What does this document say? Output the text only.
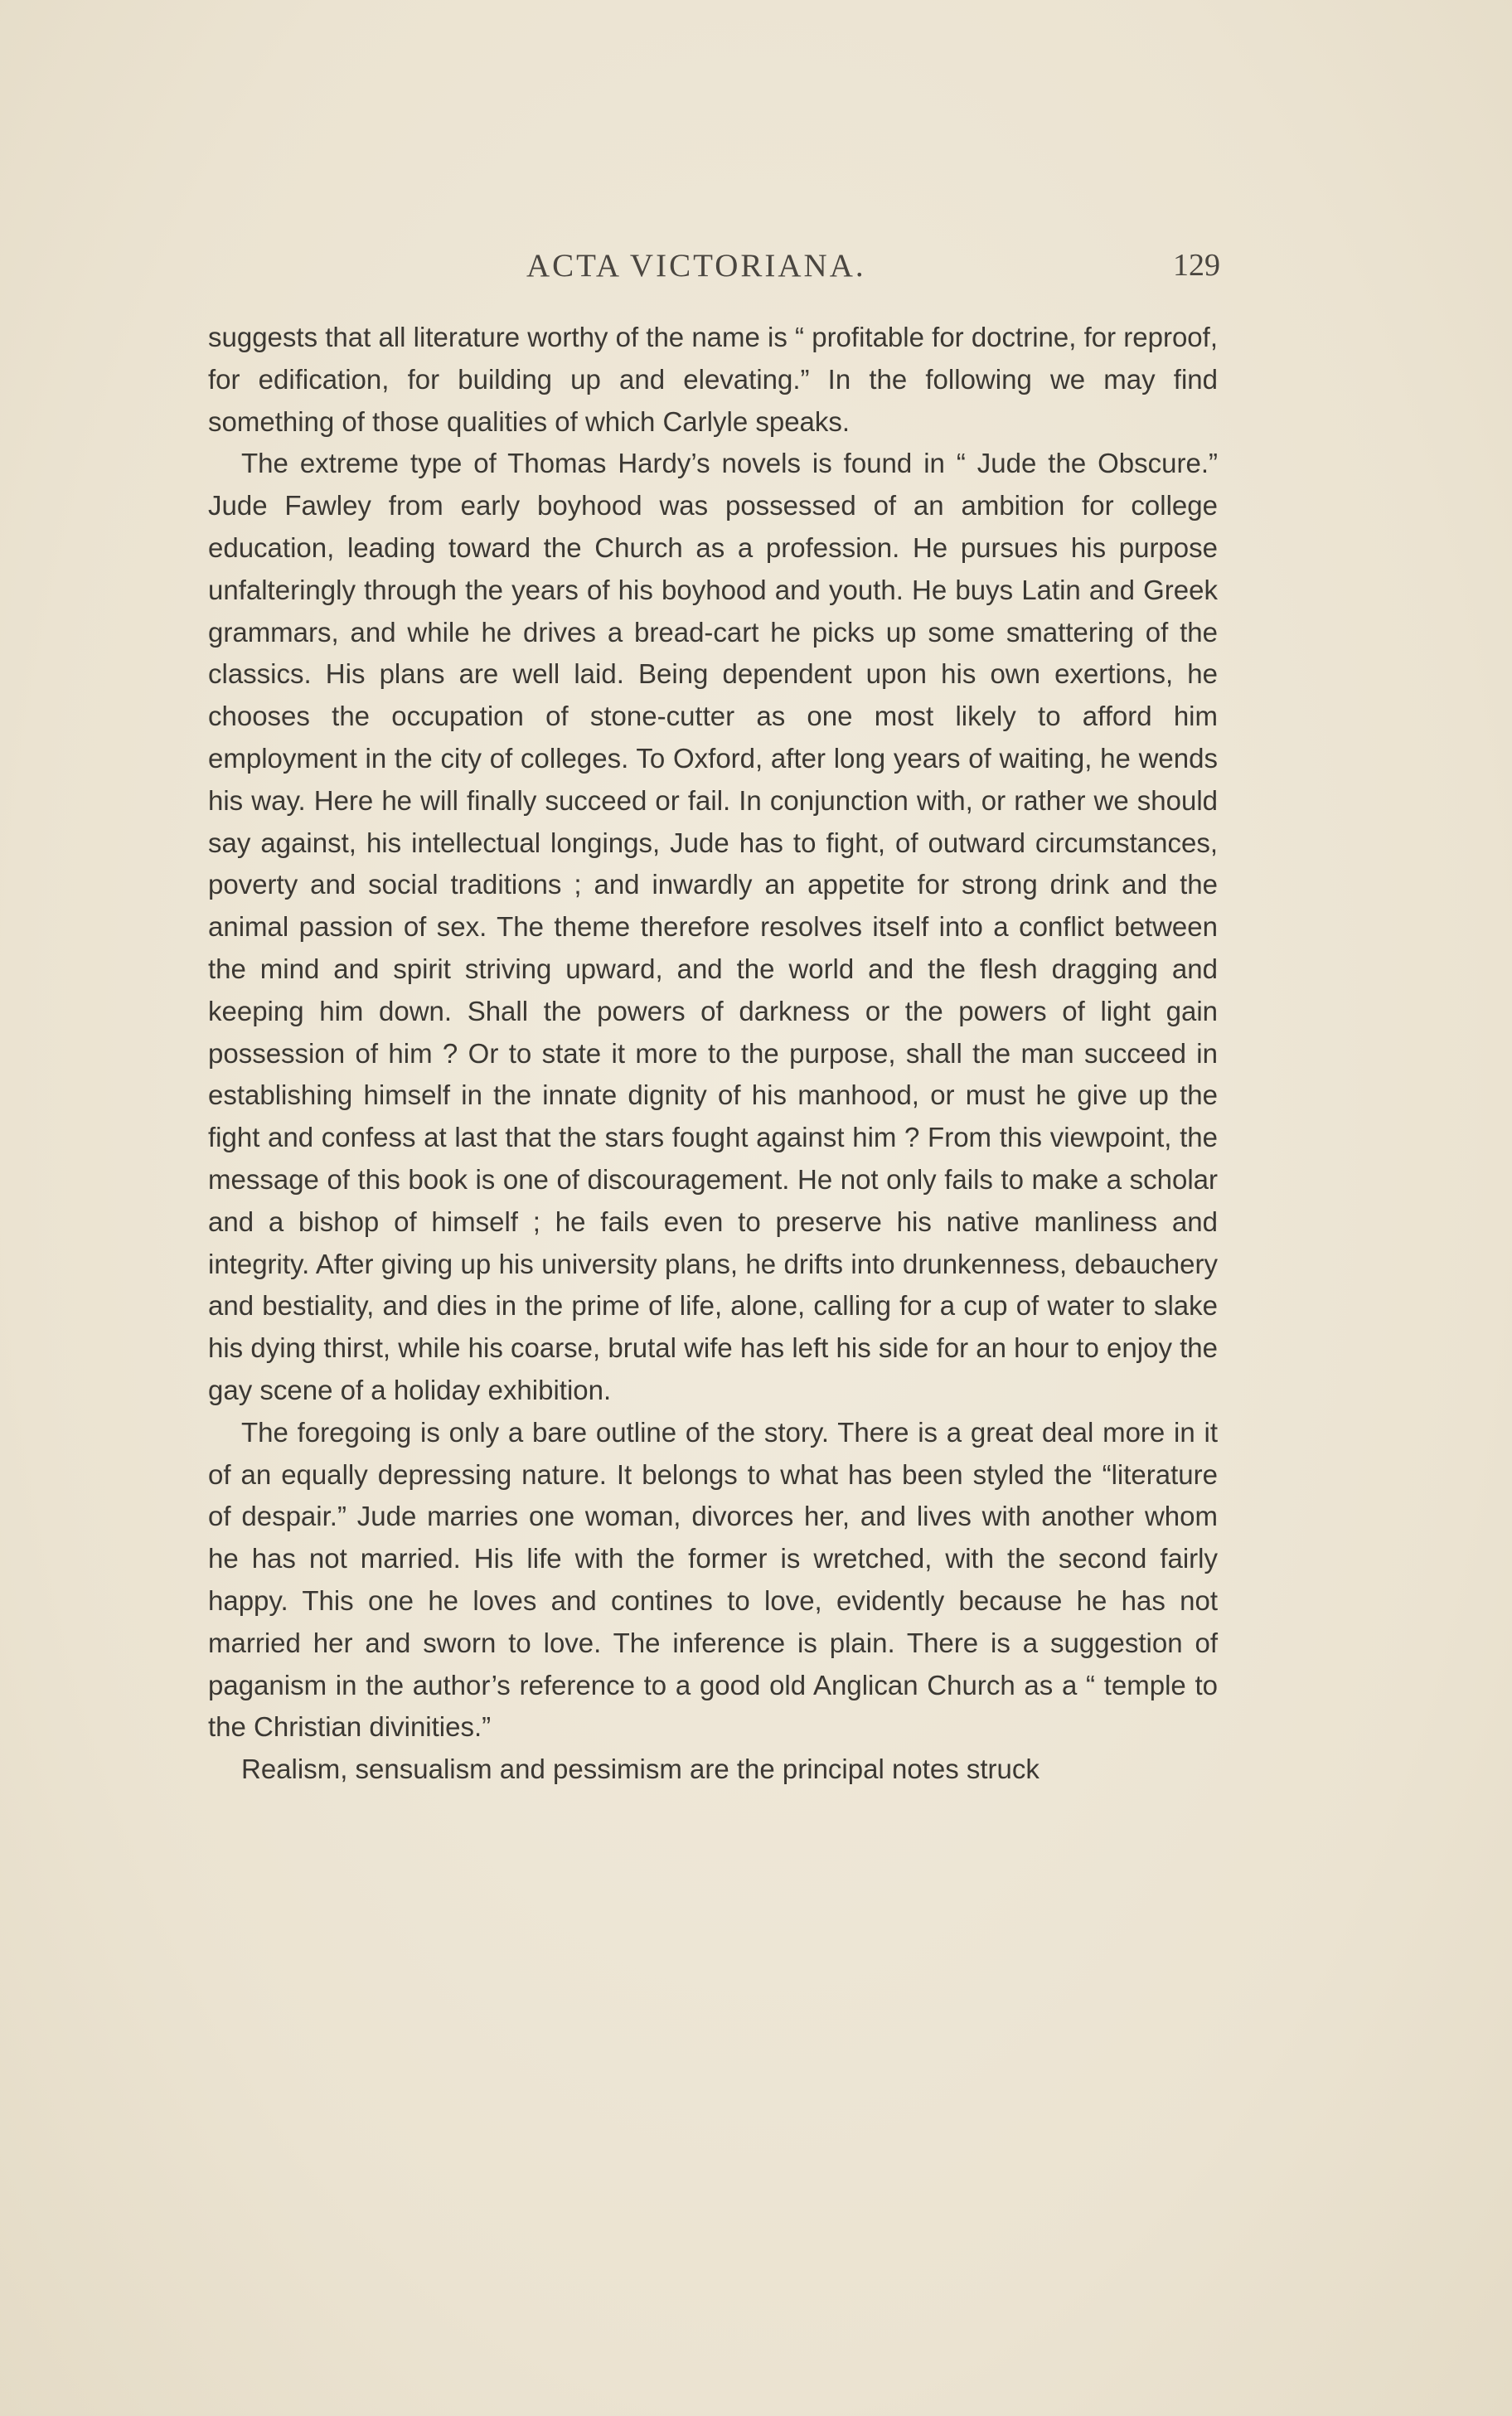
ACTA VICTORIANA.	129

suggests that all literature worthy of the name is “ profitable for doctrine, for reproof, for edification, for building up and elevating.” In the following we may find something of those qualities of which Carlyle speaks.

The extreme type of Thomas Hardy’s novels is found in “ Jude the Obscure.” Jude Fawley from early boyhood was possessed of an ambition for college education, leading toward the Church as a profession. He pursues his purpose unfalteringly through the years of his boyhood and youth. He buys Latin and Greek grammars, and while he drives a bread-cart he picks up some smattering of the classics. His plans are well laid. Being dependent upon his own exertions, he chooses the occupation of stone-cutter as one most likely to afford him employment in the city of colleges. To Oxford, after long years of waiting, he wends his way. Here he will finally succeed or fail. In conjunction with, or rather we should say against, his intellectual longings, Jude has to fight, of outward circumstances, poverty and social traditions ; and inwardly an appetite for strong drink and the animal passion of sex. The theme therefore resolves itself into a conflict between the mind and spirit striving upward, and the world and the flesh dragging and keeping him down. Shall the powers of darkness or the powers of light gain possession of him ? Or to state it more to the purpose, shall the man succeed in establishing himself in the innate dignity of his manhood, or must he give up the fight and confess at last that the stars fought against him ? From this viewpoint, the message of this book is one of discouragement. He not only fails to make a scholar and a bishop of himself ; he fails even to preserve his native manliness and integrity. After giving up his university plans, he drifts into drunkenness, debauchery and bestiality, and dies in the prime of life, alone, calling for a cup of water to slake his dying thirst, while his coarse, brutal wife has left his side for an hour to enjoy the gay scene of a holiday exhibition.

The foregoing is only a bare outline of the story. There is a great deal more in it of an equally depressing nature. It belongs to what has been styled the “literature of despair.” Jude marries one woman, divorces her, and lives with another whom he has not married. His life with the former is wretched, with the second fairly happy. This one he loves and contines to love, evidently because he has not married her and sworn to love. The inference is plain. There is a suggestion of paganism in the author’s reference to a good old Anglican Church as a “ temple to the Christian divinities.”

Realism, sensualism and pessimism are the principal notes struck
